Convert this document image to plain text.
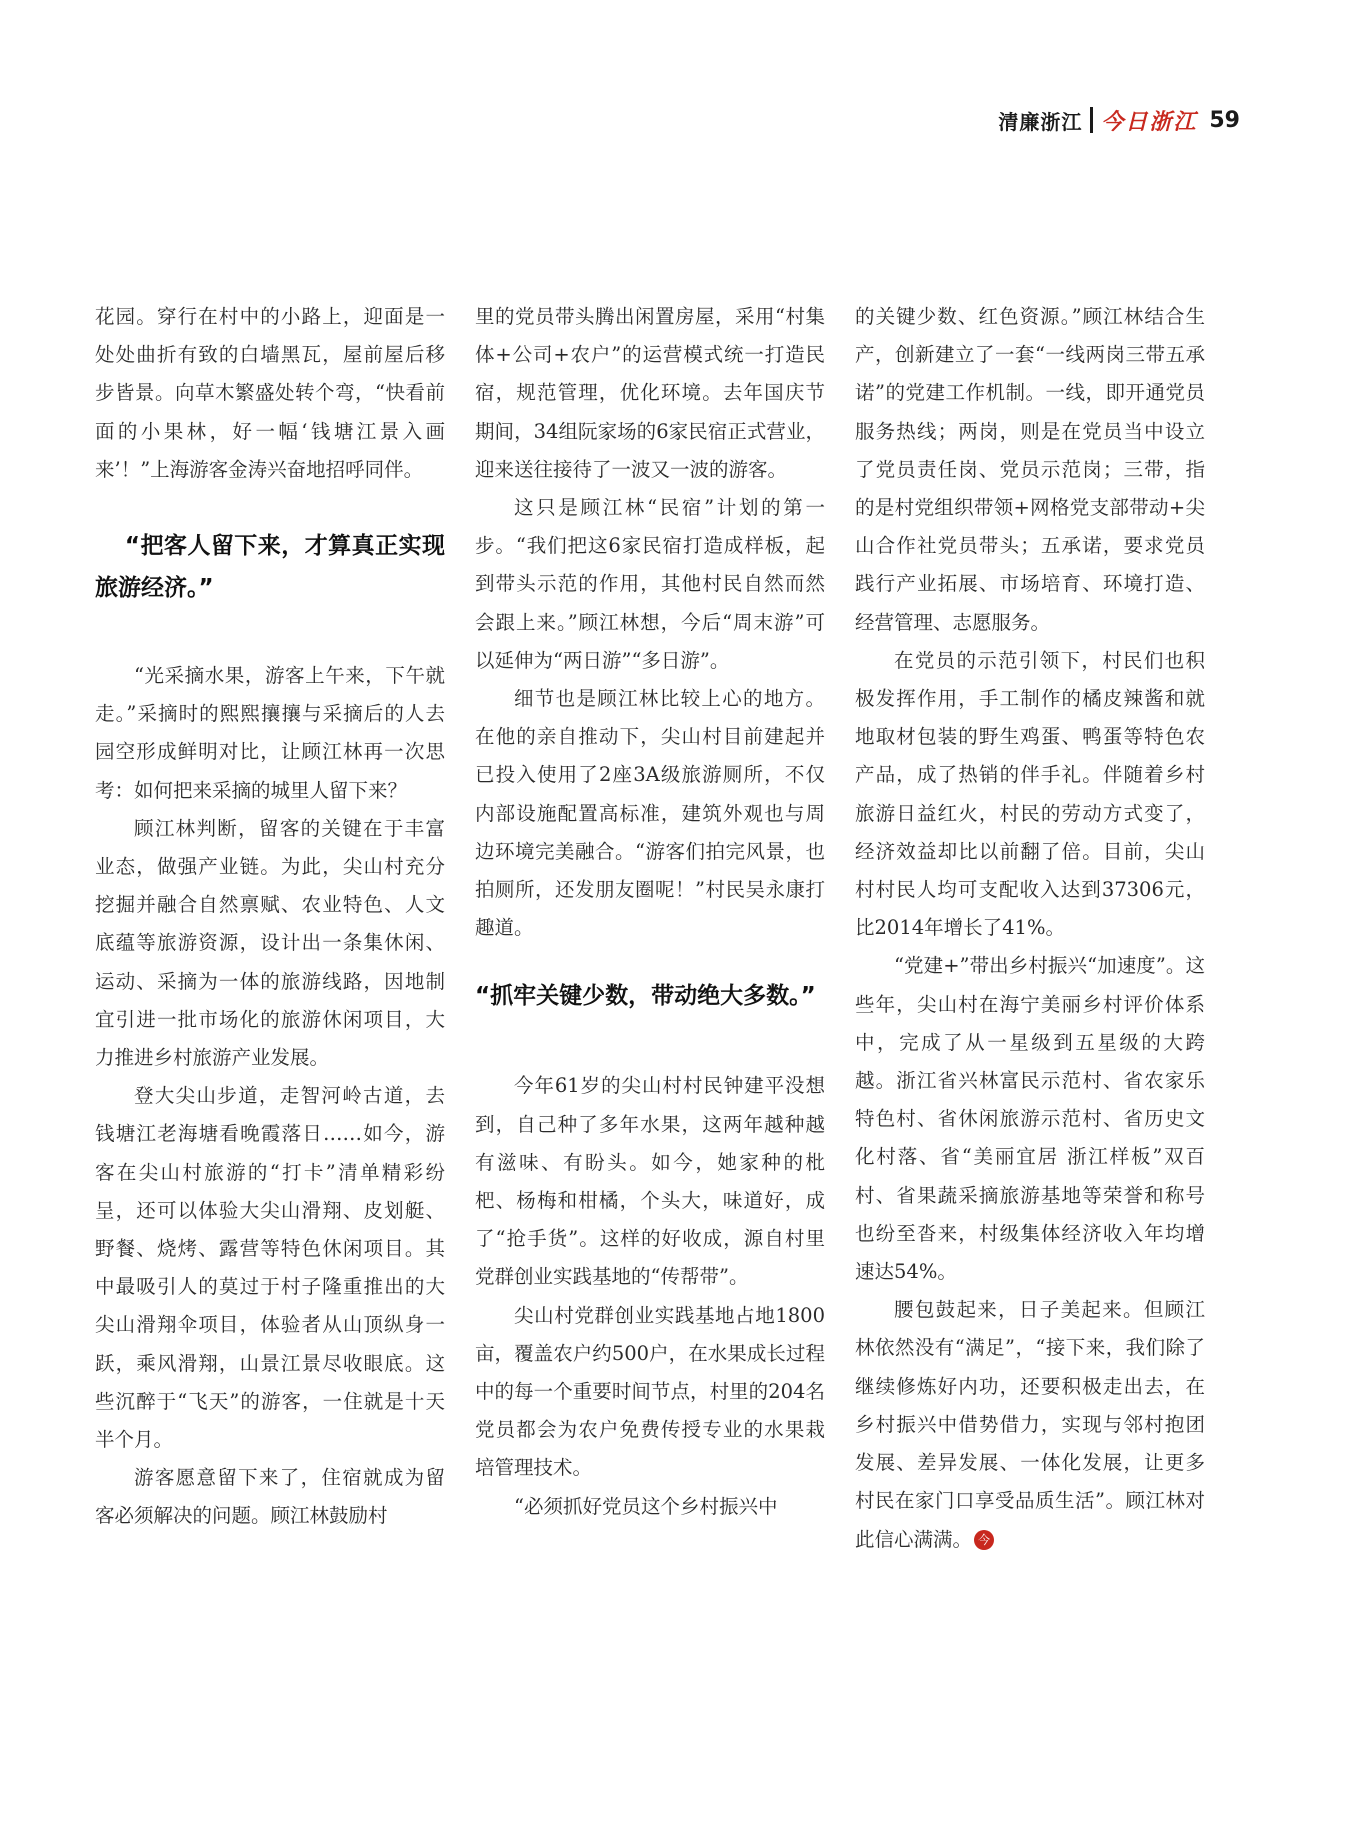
清廉浙江 今日浙江 59

花园。穿行在村中的小路上，迎面是一处处曲折有致的白墙黑瓦，屋前屋后移步皆景。向草木繁盛处转个弯，“快看前面的小果林，好一幅‘钱塘江景入画来’！”上海游客金涛兴奋地招呼同伴。

“把客人留下来，才算真正实现旅游经济。”

“光采摘水果，游客上午来，下午就走。”采摘时的熙熙攘攘与采摘后的人去园空形成鲜明对比，让顾江林再一次思考：如何把来采摘的城里人留下来？

顾江林判断，留客的关键在于丰富业态，做强产业链。为此，尖山村充分挖掘并融合自然禀赋、农业特色、人文底蕴等旅游资源，设计出一条集休闲、运动、采摘为一体的旅游线路，因地制宜引进一批市场化的旅游休闲项目，大力推进乡村旅游产业发展。

登大尖山步道，走智河岭古道，去钱塘江老海塘看晚霞落日……如今，游客在尖山村旅游的“打卡”清单精彩纷呈，还可以体验大尖山滑翔、皮划艇、野餐、烧烤、露营等特色休闲项目。其中最吸引人的莫过于村子隆重推出的大尖山滑翔伞项目，体验者从山顶纵身一跃，乘风滑翔，山景江景尽收眼底。这些沉醉于“飞天”的游客，一住就是十天半个月。

游客愿意留下来了，住宿就成为留客必须解决的问题。顾江林鼓励村

里的党员带头腾出闲置房屋，采用“村集体+公司+农户”的运营模式统一打造民宿，规范管理，优化环境。去年国庆节期间，34组阮家场的6家民宿正式营业，迎来送往接待了一波又一波的游客。

这只是顾江林“民宿”计划的第一步。“我们把这6家民宿打造成样板，起到带头示范的作用，其他村民自然而然会跟上来。”顾江林想，今后“周末游”可以延伸为“两日游”“多日游”。

细节也是顾江林比较上心的地方。在他的亲自推动下，尖山村目前建起并已投入使用了2座3A级旅游厕所，不仅内部设施配置高标准，建筑外观也与周边环境完美融合。“游客们拍完风景，也拍厕所，还发朋友圈呢！”村民吴永康打趣道。

“抓牢关键少数，带动绝大多数。”

今年61岁的尖山村村民钟建平没想到，自己种了多年水果，这两年越种越有滋味、有盼头。如今，她家种的枇杷、杨梅和柑橘，个头大，味道好，成了“抢手货”。这样的好收成，源自村里党群创业实践基地的“传帮带”。

尖山村党群创业实践基地占地1800亩，覆盖农户约500户，在水果成长过程中的每一个重要时间节点，村里的204名党员都会为农户免费传授专业的水果栽培管理技术。

“必须抓好党员这个乡村振兴中

的关键少数、红色资源。”顾江林结合生产，创新建立了一套“一线两岗三带五承诺”的党建工作机制。一线，即开通党员服务热线；两岗，则是在党员当中设立了党员责任岗、党员示范岗；三带，指的是村党组织带领+网格党支部带动+尖山合作社党员带头；五承诺，要求党员践行产业拓展、市场培育、环境打造、经营管理、志愿服务。

在党员的示范引领下，村民们也积极发挥作用，手工制作的橘皮辣酱和就地取材包装的野生鸡蛋、鸭蛋等特色农产品，成了热销的伴手礼。伴随着乡村旅游日益红火，村民的劳动方式变了，经济效益却比以前翻了倍。目前，尖山村村民人均可支配收入达到37306元，比2014年增长了41%。

“党建+”带出乡村振兴“加速度”。这些年，尖山村在海宁美丽乡村评价体系中，完成了从一星级到五星级的大跨越。浙江省兴林富民示范村、省农家乐特色村、省休闲旅游示范村、省历史文化村落、省“美丽宜居 浙江样板”双百村、省果蔬采摘旅游基地等荣誉和称号也纷至沓来，村级集体经济收入年均增速达54%。

腰包鼓起来，日子美起来。但顾江林依然没有“满足”，“接下来，我们除了继续修炼好内功，还要积极走出去，在乡村振兴中借势借力，实现与邻村抱团发展、差异发展、一体化发展，让更多村民在家门口享受品质生活”。顾江林对此信心满满。 今
